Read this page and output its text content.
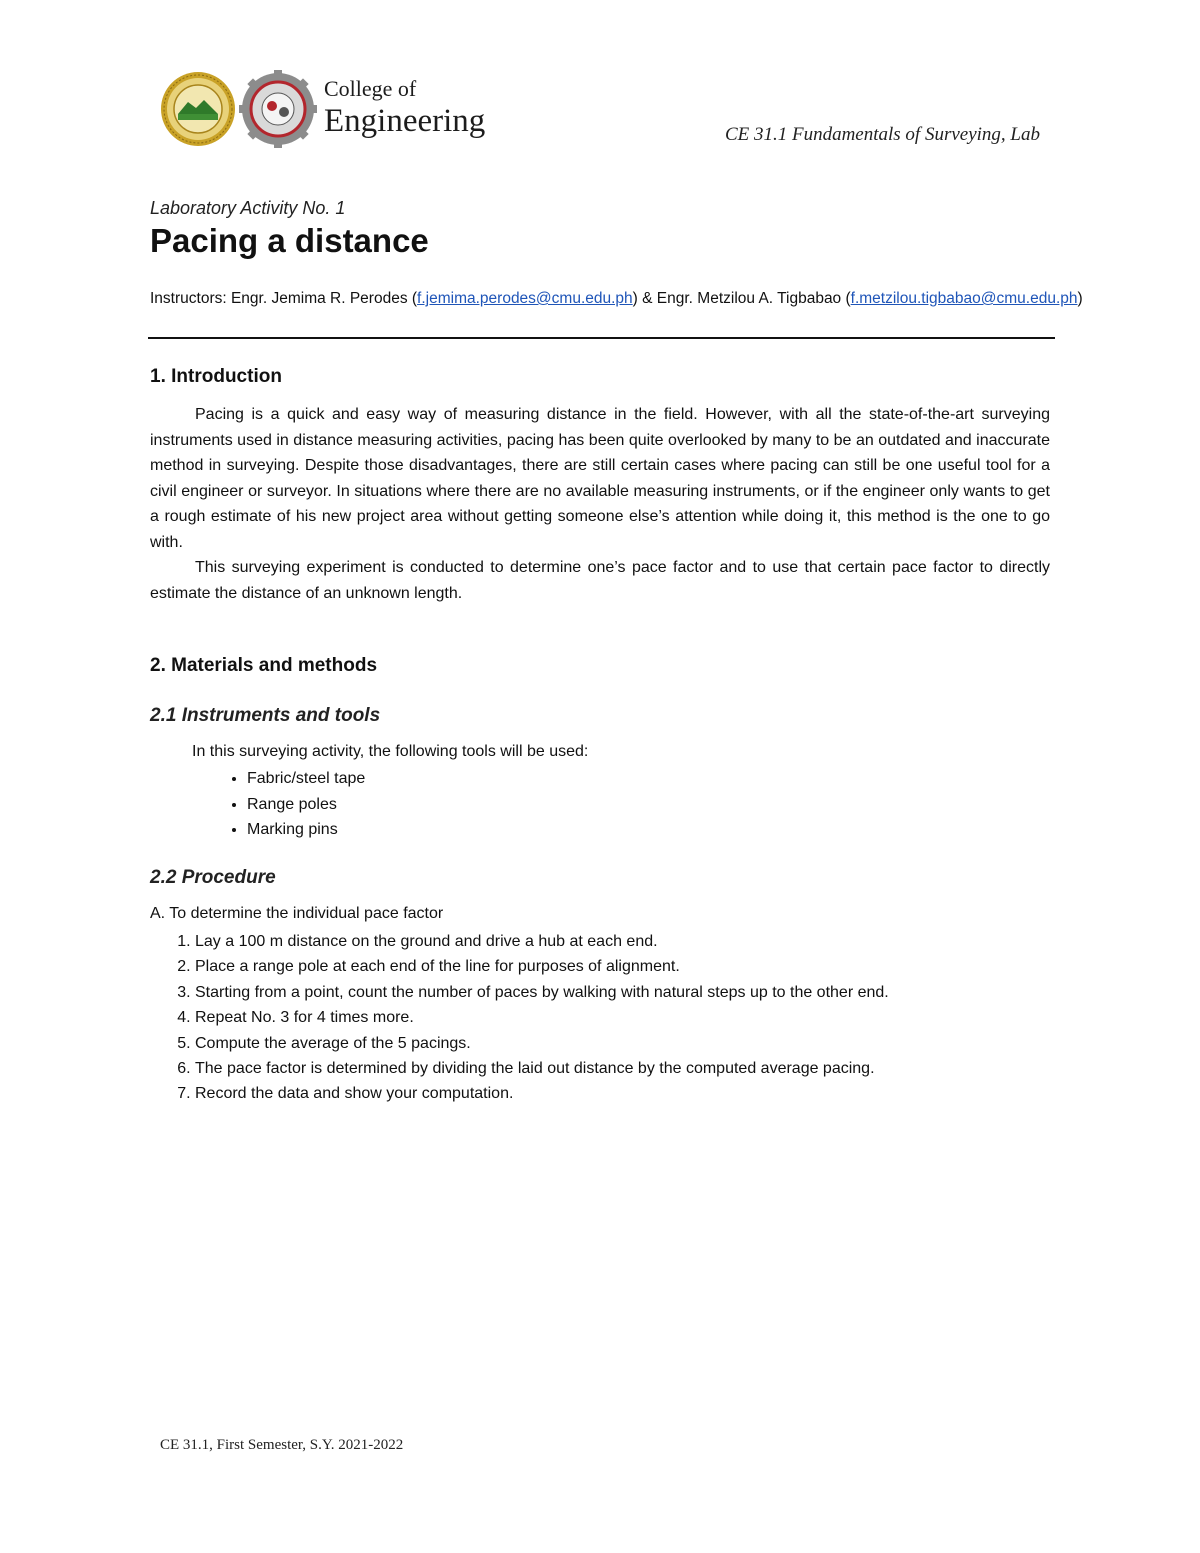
College of
Engineering	CE 31.1 Fundamentals of Surveying, Lab
Laboratory Activity No. 1
Pacing a distance
Instructors: Engr. Jemima R. Perodes (f.jemima.perodes@cmu.edu.ph) & Engr. Metzilou A. Tigbabao (f.metzilou.tigbabao@cmu.edu.ph)
1. Introduction

Pacing is a quick and easy way of measuring distance in the field. However, with all the state-of-the-art surveying instruments used in distance measuring activities, pacing has been quite overlooked by many to be an outdated and inaccurate method in surveying. Despite those disadvantages, there are still certain cases where pacing can still be one useful tool for a civil engineer or surveyor. In situations where there are no available measuring instruments, or if the engineer only wants to get a rough estimate of his new project area without getting someone else’s attention while doing it, this method is the one to go with.

This surveying experiment is conducted to determine one’s pace factor and to use that certain pace factor to directly estimate the distance of an unknown length.

2. Materials and methods
2.1 Instruments and tools
In this surveying activity, the following tools will be used:
• Fabric/steel tape
• Range poles
• Marking pins
2.2 Procedure
A. To determine the individual pace factor
1. Lay a 100 m distance on the ground and drive a hub at each end.
2. Place a range pole at each end of the line for purposes of alignment.
3. Starting from a point, count the number of paces by walking with natural steps up to the other end.
4. Repeat No. 3 for 4 times more.
5. Compute the average of the 5 pacings.
6. The pace factor is determined by dividing the laid out distance by the computed average pacing.
7. Record the data and show your computation.
CE 31.1, First Semester, S.Y. 2021-2022
